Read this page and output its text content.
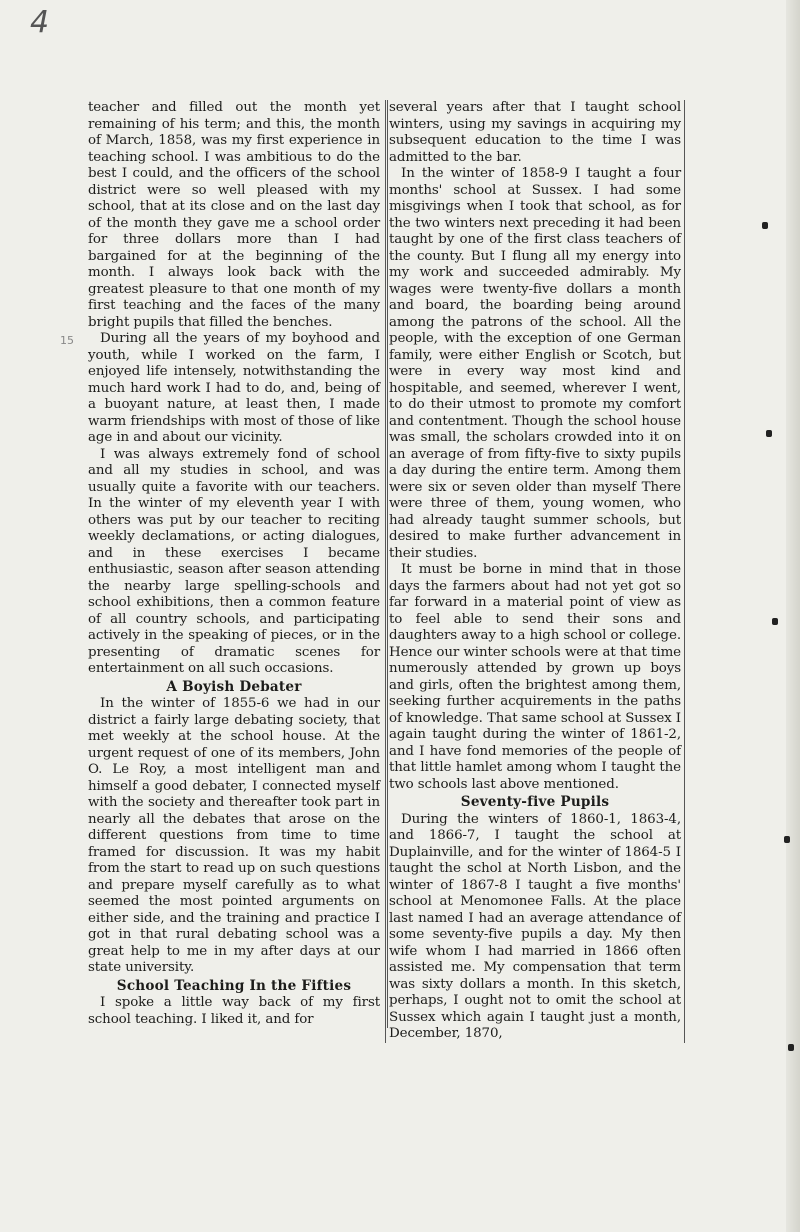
4
15

teacher and filled out the month yet remaining of his term; and this, the month of March, 1858, was my first experience in teaching school. I was ambitious to do the best I could, and the officers of the school district were so well pleased with my school, that at its close and on the last day of the month they gave me a school order for three dollars more than I had bargained for at the beginning of the month. I always look back with the greatest pleasure to that one month of my first teaching and the faces of the many bright pupils that filled the benches.

During all the years of my boyhood and youth, while I worked on the farm, I enjoyed life intensely, notwithstanding the much hard work I had to do, and, being of a buoyant nature, at least then, I made warm friendships with most of those of like age in and about our vicinity.

I was always extremely fond of school and all my studies in school, and was usually quite a favorite with our teachers. In the winter of my eleventh year I with others was put by our teacher to reciting weekly declamations, or acting dialogues, and in these exercises I became enthusiastic, season after season attending the nearby large spelling-schools and school exhibitions, then a common feature of all country schools, and participating actively in the speaking of pieces, or in the presenting of dramatic scenes for entertainment on all such occasions.

A Boyish Debater

In the winter of 1855-6 we had in our district a fairly large debating society, that met weekly at the school house. At the urgent request of one of its members, John O. Le Roy, a most intelligent man and himself a good debater, I connected myself with the society and thereafter took part in nearly all the debates that arose on the different questions from time to time framed for discussion. It was my habit from the start to read up on such questions and prepare myself carefully as to what seemed the most pointed arguments on either side, and the training and practice I got in that rural debating school was a great help to me in my after days at our state university.

School Teaching In the Fifties

I spoke a little way back of my first school teaching. I liked it, and for

several years after that I taught school winters, using my savings in acquiring my subsequent education to the time I was admitted to the bar.

In the winter of 1858-9 I taught a four months' school at Sussex. I had some misgivings when I took that school, as for the two winters next preceding it had been taught by one of the first class teachers of the county. But I flung all my energy into my work and succeeded admirably. My wages were twenty-five dollars a month and board, the boarding being around among the patrons of the school. All the people, with the exception of one German family, were either English or Scotch, but were in every way most kind and hospitable, and seemed, wherever I went, to do their utmost to promote my comfort and contentment. Though the school house was small, the scholars crowded into it on an average of from fifty-five to sixty pupils a day during the entire term. Among them were six or seven older than myself There were three of them, young women, who had already taught summer schools, but desired to make further advancement in their studies.

It must be borne in mind that in those days the farmers about had not yet got so far forward in a material point of view as to feel able to send their sons and daughters away to a high school or college. Hence our winter schools were at that time numerously attended by grown up boys and girls, often the brightest among them, seeking further acquirements in the paths of knowledge. That same school at Sussex I again taught during the winter of 1861-2, and I have fond memories of the people of that little hamlet among whom I taught the two schools last above mentioned.

Seventy-five Pupils

During the winters of 1860-1, 1863-4, and 1866-7, I taught the school at Duplainville, and for the winter of 1864-5 I taught the schol at North Lisbon, and the winter of 1867-8 I taught a five months' school at Menomonee Falls. At the place last named I had an average attendance of some seventy-five pupils a day. My then wife whom I had married in 1866 often assisted me. My compensation that term was sixty dollars a month. In this sketch, perhaps, I ought not to omit the school at Sussex which again I taught just a month, December, 1870,
